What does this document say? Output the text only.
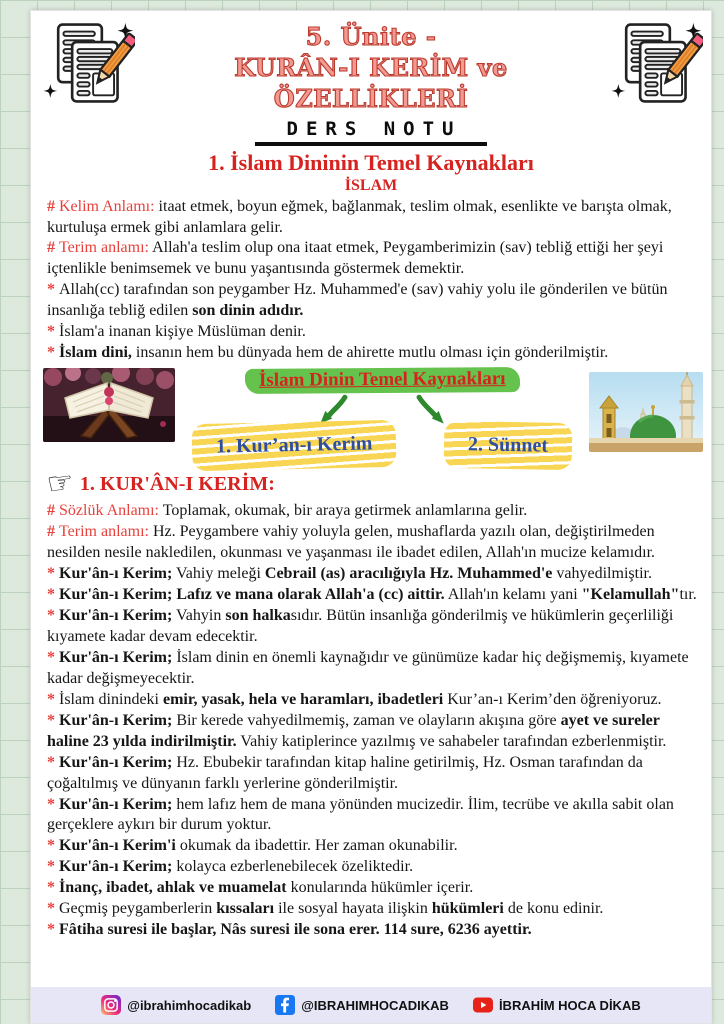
5. Ünite -
KURÂN-I KERİM ve ÖZELLİKLERİ
DERS NOTU
1. İslam Dininin Temel Kaynakları
İSLAM

# Kelim Anlamı: itaat etmek, boyun eğmek, bağlanmak, teslim olmak, esenlikte ve barışta olmak, kurtuluşa ermek gibi anlamlara gelir.

# Terim anlamı: Allah'a teslim olup ona itaat etmek, Peygamberimizin (sav) tebliğ ettiği her şeyi içtenlikle benimsemek ve bunu yaşantısında göstermek demektir.

* Allah(cc) tarafından son peygamber Hz. Muhammed'e (sav) vahiy yolu ile gönderilen ve bütün insanlığa tebliğ edilen son dinin adıdır.

* İslam'a inanan kişiye Müslüman denir.

* İslam dini, insanın hem bu dünyada hem de ahirette mutlu olması için gönderilmiştir.

İslam Dinin Temel Kaynakları
1. Kur’an-ı Kerim	2. Sünnet
☞ 1. KUR'ÂN-I KERİM:

# Sözlük Anlamı: Toplamak, okumak, bir araya getirmek anlamlarına gelir.

# Terim anlamı: Hz. Peygambere vahiy yoluyla gelen, mushaflarda yazılı olan, değiştirilmeden nesilden nesile nakledilen, okunması ve yaşanması ile ibadet edilen, Allah'ın mucize kelamıdır.

* Kur'ân-ı Kerim; Vahiy meleği Cebrail (as) aracılığıyla Hz. Muhammed'e vahyedilmiştir.

* Kur'ân-ı Kerim; Lafız ve mana olarak Allah'a (cc) aittir. Allah'ın kelamı yani "Kelamullah"tır.

* Kur'ân-ı Kerim; Vahyin son halkasıdır. Bütün insanlığa gönderilmiş ve hükümlerin geçerliliği kıyamete kadar devam edecektir.

* Kur'ân-ı Kerim; İslam dinin en önemli kaynağıdır ve günümüze kadar hiç değişmemiş, kıyamete kadar değişmeyecektir.

* İslam dinindeki emir, yasak, hela ve haramları, ibadetleri Kur’an-ı Kerim’den öğreniyoruz.

* Kur'ân-ı Kerim; Bir kerede vahyedilmemiş, zaman ve olayların akışına göre ayet ve sureler haline 23 yılda indirilmiştir. Vahiy katiplerince yazılmış ve sahabeler tarafından ezberlenmiştir.

* Kur'ân-ı Kerim; Hz. Ebubekir tarafından kitap haline getirilmiş, Hz. Osman tarafından da çoğaltılmış ve dünyanın farklı yerlerine gönderilmiştir.

* Kur'ân-ı Kerim; hem lafız hem de mana yönünden mucizedir. İlim, tecrübe ve akılla sabit olan gerçeklere aykırı bir durum yoktur.

* Kur'ân-ı Kerim'i okumak da ibadettir. Her zaman okunabilir.

* Kur'ân-ı Kerim; kolayca ezberlenebilecek özeliktedir.

* İnanç, ibadet, ahlak ve muamelat konularında hükümler içerir.

* Geçmiş peygamberlerin kıssaları ile sosyal hayata ilişkin hükümleri de konu edinir.

* Fâtiha suresi ile başlar, Nâs suresi ile sona erer. 114 sure, 6236 ayettir.

@ibrahimhocadikab	@IBRAHIMHOCADIKAB	İBRAHİM HOCA DİKAB
